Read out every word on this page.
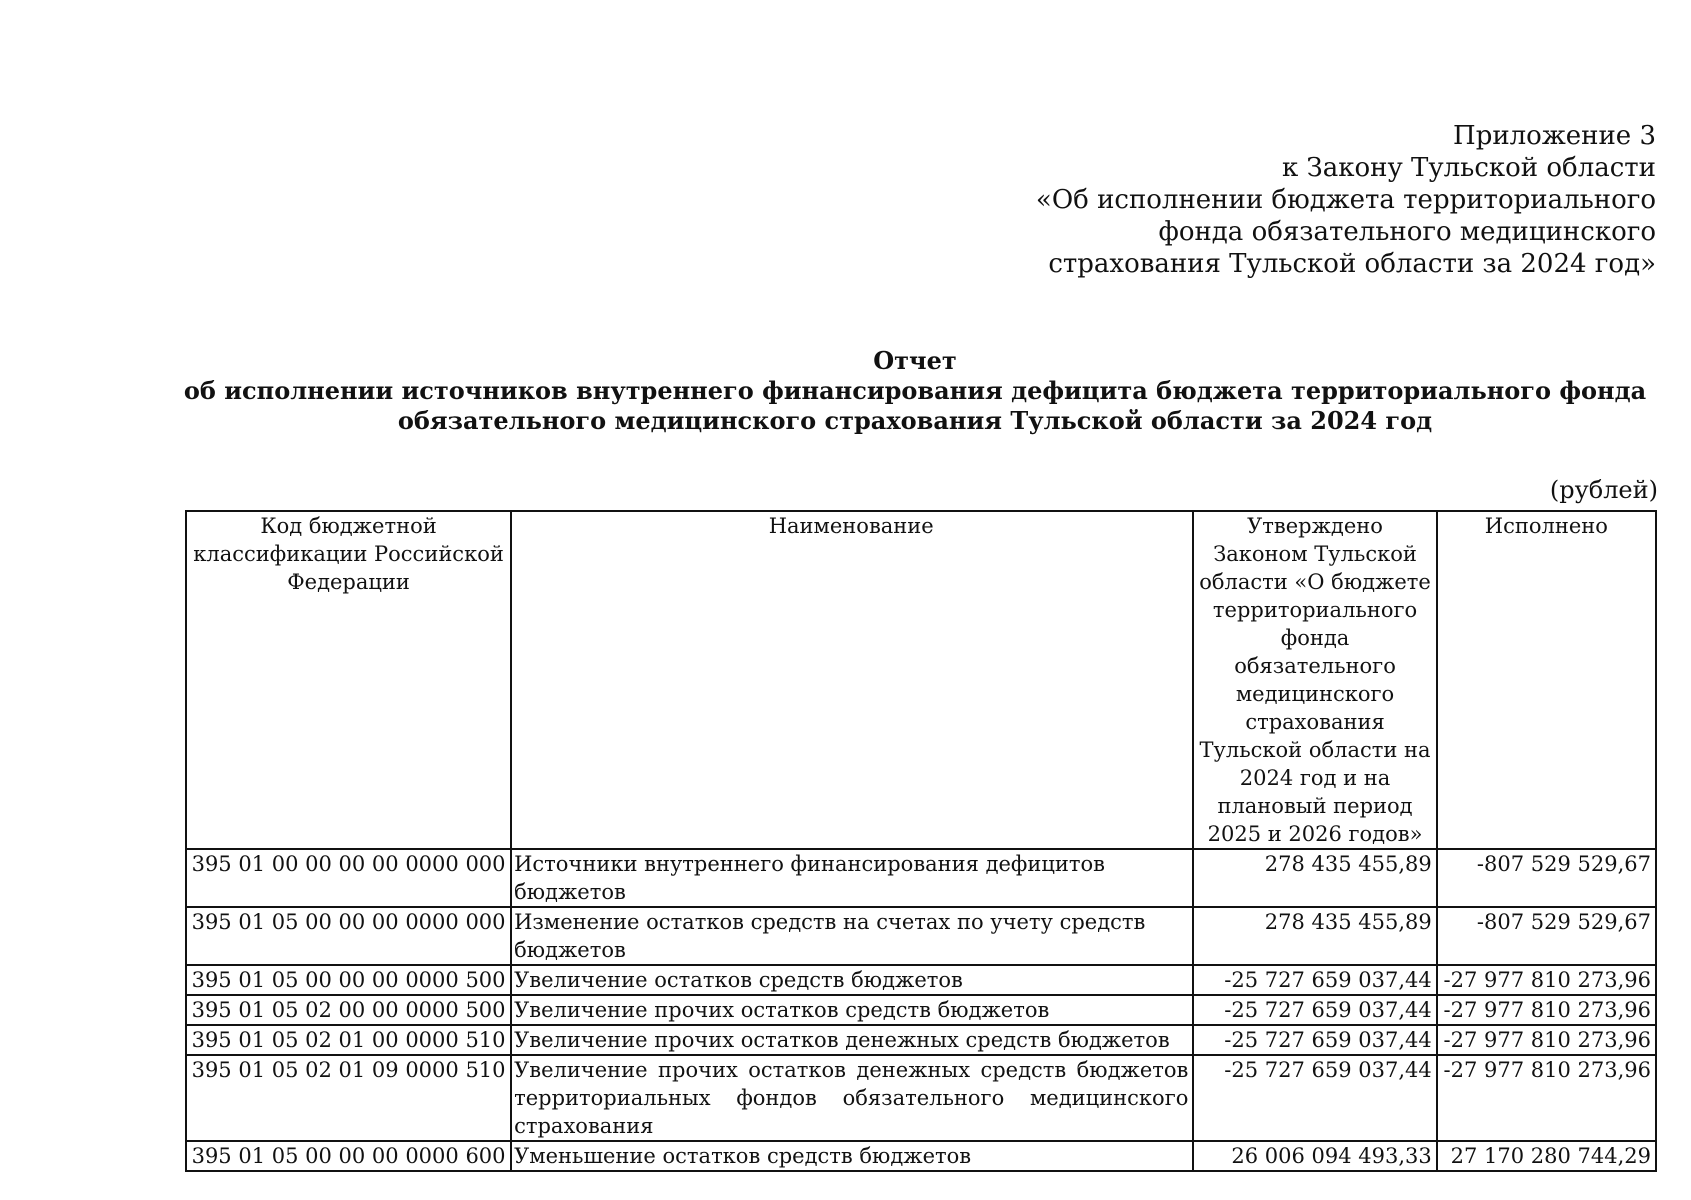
Приложение 3
к Закону Тульской области
«Об исполнении бюджета территориального
фонда обязательного медицинского
страхования Тульской области за 2024 год»
Отчет
об исполнении источников внутреннего финансирования дефицита бюджета территориального фонда
обязательного медицинского страхования Тульской области за 2024 год
(рублей)
Код бюджетной классификации Российской Федерации	Наименование	Утверждено Законом Тульской области «О бюджете территориального фонда обязательного медицинского страхования Тульской области на 2024 год и на плановый период 2025 и 2026 годов»	Исполнено
395 01 00 00 00 00 0000 000	Источники внутреннего финансирования дефицитов бюджетов	278 435 455,89	-807 529 529,67
395 01 05 00 00 00 0000 000	Изменение остатков средств на счетах по учету средств бюджетов	278 435 455,89	-807 529 529,67
395 01 05 00 00 00 0000 500	Увеличение остатков средств бюджетов	-25 727 659 037,44	-27 977 810 273,96
395 01 05 02 00 00 0000 500	Увеличение прочих остатков средств бюджетов	-25 727 659 037,44	-27 977 810 273,96
395 01 05 02 01 00 0000 510	Увеличение прочих остатков денежных средств бюджетов	-25 727 659 037,44	-27 977 810 273,96
395 01 05 02 01 09 0000 510	Увеличение прочих остатков денежных средств бюджетов территориальных фондов обязательного медицинского страхования	-25 727 659 037,44	-27 977 810 273,96
395 01 05 00 00 00 0000 600	Уменьшение остатков средств бюджетов	26 006 094 493,33	27 170 280 744,29
